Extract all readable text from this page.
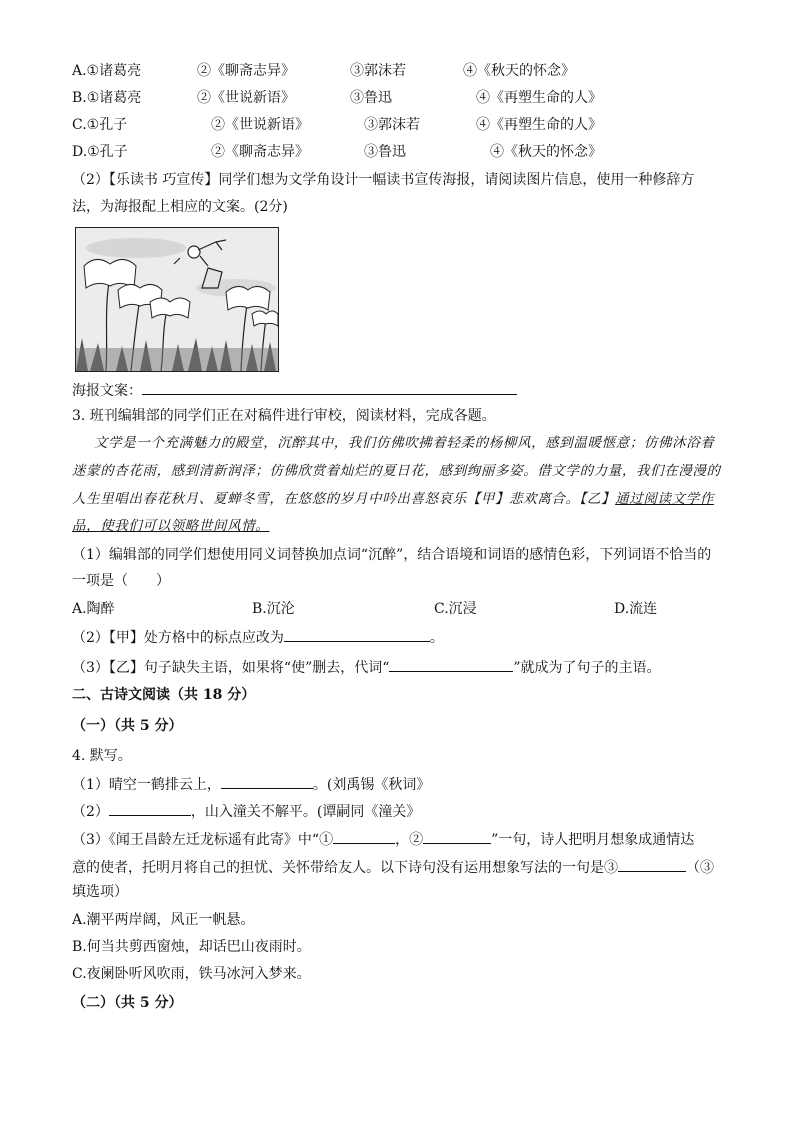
A.①诸葛亮	②《聊斋志异》	③郭沫若	④《秋天的怀念》
B.①诸葛亮	②《世说新语》	③鲁迅	④《再塑生命的人》
C.①孔子	②《世说新语》	③郭沫若	④《再塑生命的人》
D.①孔子	②《聊斋志异》	③鲁迅	④《秋天的怀念》
（2）【乐读书 巧宣传】同学们想为文学角设计一幅读书宣传海报，请阅读图片信息，使用一种修辞方
法，为海报配上相应的文案。(2分)
海报文案：
3. 班刊编辑部的同学们正在对稿件进行审校，阅读材料，完成各题。
文学是一个充满魅力的殿堂，沉醉其中，我们仿佛吹拂着轻柔的杨柳风，感到温暖惬意；仿佛沐浴着
迷蒙的杏花雨，感到清新润泽；仿佛欣赏着灿烂的夏日花，感到绚丽多姿。借文学的力量，我们在漫漫的
人生里唱出春花秋月、夏蝉冬雪，在悠悠的岁月中吟出喜怒哀乐【甲】悲欢离合。【乙】通过阅读文学作
品，使我们可以领略世间风情。
（1）编辑部的同学们想使用同义词替换加点词“沉醉”，结合语境和词语的感情色彩，下列词语不恰当的
一项是（　　）
A.陶醉	B.沉沦	C.沉浸	D.流连
（2）【甲】处方格中的标点应改为	。
（3）【乙】句子缺失主语，如果将“使”删去，代词“	”就成为了句子的主语。
二、古诗文阅读（共 18 分）
（一）（共 5 分）
4. 默写。
（1）晴空一鹤排云上，	。(刘禹锡《秋词》
（2）	，山入潼关不解平。(谭嗣同《潼关》
（3）《闻王昌龄左迁龙标遥有此寄》中“①	，②	”一句，诗人把明月想象成通情达
意的使者，托明月将自己的担忧、关怀带给友人。以下诗句没有运用想象写法的一句是③	（③
填选项）
A.潮平两岸阔，风正一帆悬。
B.何当共剪西窗烛，却话巴山夜雨时。
C.夜阑卧听风吹雨，铁马冰河入梦来。
（二）（共 5 分）
